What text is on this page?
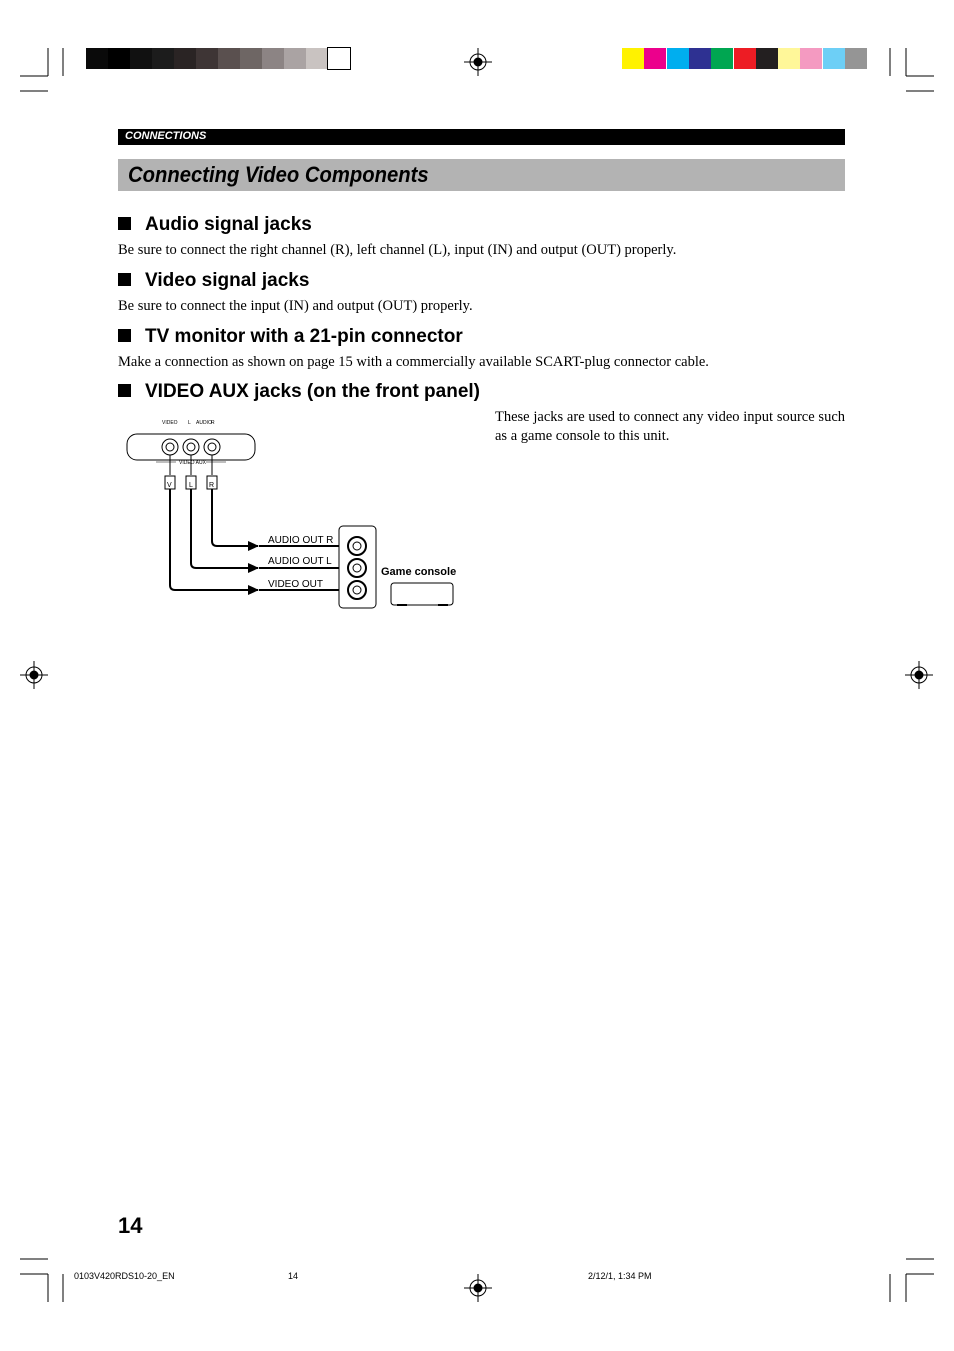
CONNECTIONS
Connecting Video Components
Audio signal jacks
Be sure to connect the right channel (R), left channel (L), input (IN) and output (OUT) properly.
Video signal jacks
Be sure to connect the input (IN) and output (OUT) properly.
TV monitor with a 21-pin connector
Make a connection as shown on page 15 with a commercially available SCART-plug connector cable.
VIDEO AUX jacks (on the front panel)
These jacks are used to connect any video input source such as a game console to this unit.
VIDEO L AUDIO R
VIDEO AUX
V L R
AUDIO OUT R
AUDIO OUT L
VIDEO OUT
Game console
14
0103V420RDS10-20_EN	14	2/12/1, 1:34 PM
